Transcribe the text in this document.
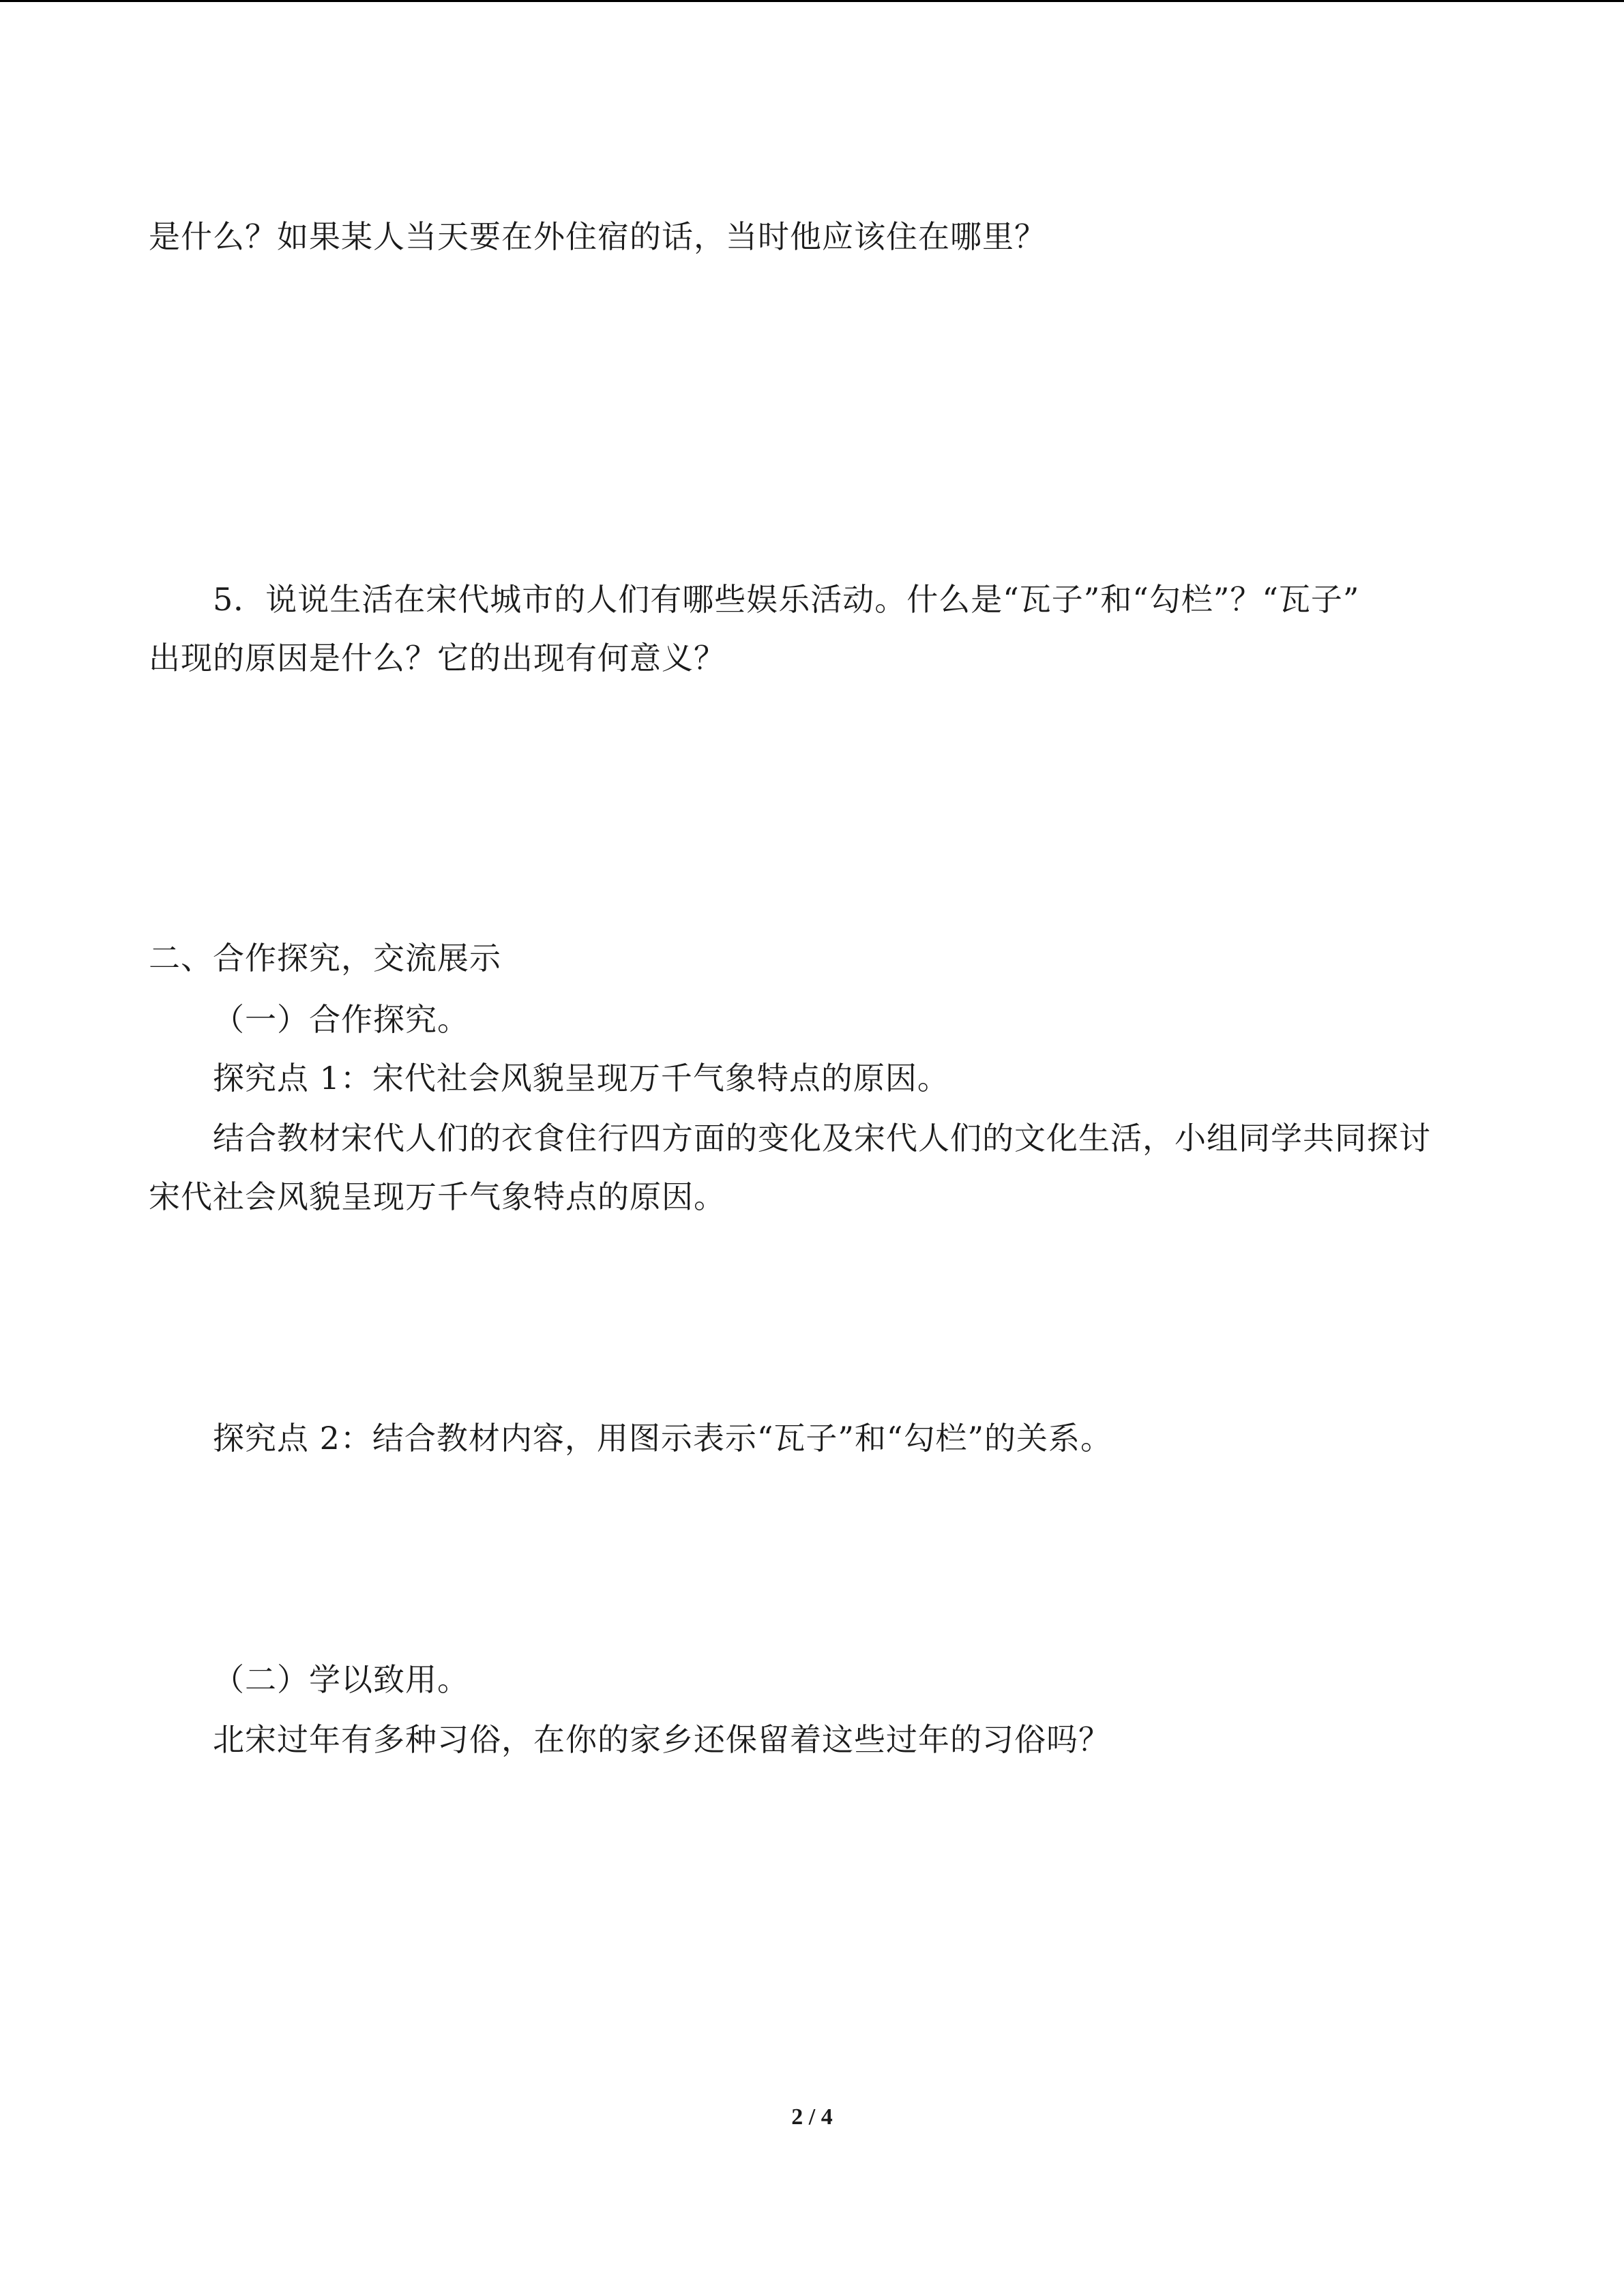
是什么？如果某人当天要在外住宿的话，当时他应该住在哪里？
5．说说生活在宋代城市的人们有哪些娱乐活动。什么是“瓦子”和“勾栏”？“瓦子”
出现的原因是什么？它的出现有何意义？
二、合作探究，交流展示
（一）合作探究。
探究点 1：宋代社会风貌呈现万千气象特点的原因。
结合教材宋代人们的衣食住行四方面的变化及宋代人们的文化生活，小组同学共同探讨
宋代社会风貌呈现万千气象特点的原因。
探究点 2：结合教材内容，用图示表示“瓦子”和“勾栏”的关系。
（二）学以致用。
北宋过年有多种习俗，在你的家乡还保留着这些过年的习俗吗？
2 / 4
